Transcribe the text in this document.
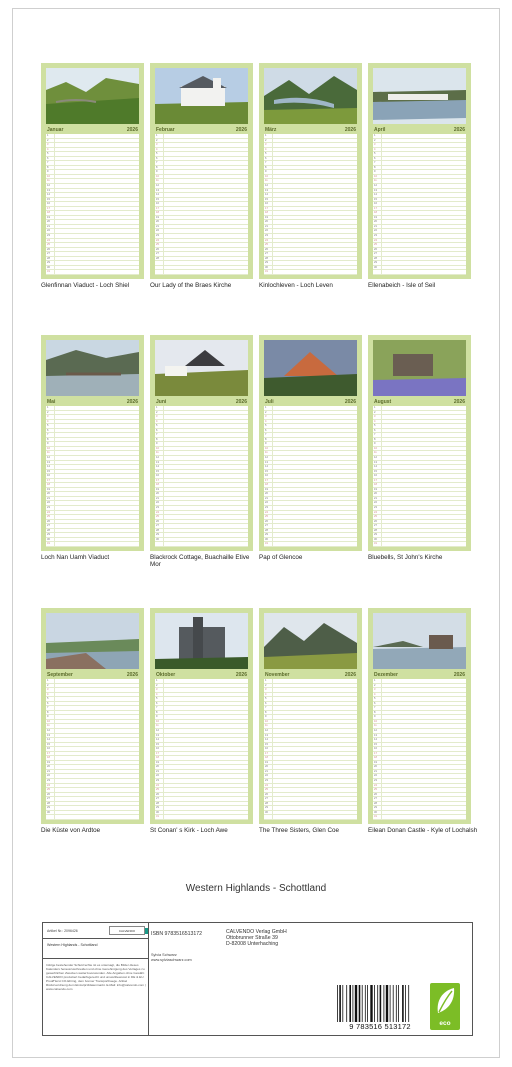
Januar	2026
1
2
3
4
5
6
7
8
9
10
11
12
13
14
15
16
17
18
19
20
21
22
23
24
25
26
27
28
29
30
31
Glenfinnan Viaduct - Loch Shiel
Februar	2026
1
2
3
4
5
6
7
8
9
10
11
12
13
14
15
16
17
18
19
20
21
22
23
24
25
26
27
28
Our Lady of the Braes Kirche
März	2026
1
2
3
4
5
6
7
8
9
10
11
12
13
14
15
16
17
18
19
20
21
22
23
24
25
26
27
28
29
30
31
Kinlochleven - Loch Leven
April	2026
1
2
3
4
5
6
7
8
9
10
11
12
13
14
15
16
17
18
19
20
21
22
23
24
25
26
27
28
29
30
Ellenabeich - Isle of Seil
Mai	2026
1
2
3
4
5
6
7
8
9
10
11
12
13
14
15
16
17
18
19
20
21
22
23
24
25
26
27
28
29
30
31
Loch Nan Uamh Viaduct
Juni	2026
1
2
3
4
5
6
7
8
9
10
11
12
13
14
15
16
17
18
19
20
21
22
23
24
25
26
27
28
29
30
Blackrock Cottage, Buachaille Etive Mor
Juli	2026
1
2
3
4
5
6
7
8
9
10
11
12
13
14
15
16
17
18
19
20
21
22
23
24
25
26
27
28
29
30
31
Pap of Glencoe
August	2026
1
2
3
4
5
6
7
8
9
10
11
12
13
14
15
16
17
18
19
20
21
22
23
24
25
26
27
28
29
30
31
Bluebells, St John's Kirche
September	2026
1
2
3
4
5
6
7
8
9
10
11
12
13
14
15
16
17
18
19
20
21
22
23
24
25
26
27
28
29
30
Die Küste von Ardtoe
Oktober	2026
1
2
3
4
5
6
7
8
9
10
11
12
13
14
15
16
17
18
19
20
21
22
23
24
25
26
27
28
29
30
31
St Conan' s Kirk - Loch Awe
November	2026
1
2
3
4
5
6
7
8
9
10
11
12
13
14
15
16
17
18
19
20
21
22
23
24
25
26
27
28
29
30
The Three Sisters, Glen Coe
Dezember	2026
1
2
3
4
5
6
7
8
9
10
11
12
13
14
15
16
17
18
19
20
21
22
23
24
25
26
27
28
29
30
31
Eilean Donan Castle - Kyle of Lochalsh
Western Highlands - Schottland
Artikel Nr.: 2096426	CALVENDO
Western Highlands - Schottland
Infolge bestehender Schutzrechte ist es untersagt, die Bilder dieses Kalenders herauszuschneiden und ohne Genehmigung des Verlages zu gewerblichen Zwecken weiterzuverwenden. Alle Angaben ohne Gewähr. CALVENDO produziert bedarfsgerecht und umweltbewusst in DE & EU. Prod/Herst CO-Ehring, dem bonner Transporthaege. Artikel Rückzuordnung dem Einzelprüfdatenmarkt. E-Mail: info@calvendo.com | www.calvendo.com
ISBN 9783516513172
Sylvia Schwarz
www.sylviaschwarz.com
CALVENDO Verlag GmbH
Ottobrunner Straße 39
D-82008 Unterhaching
9 783516 513172	eco
